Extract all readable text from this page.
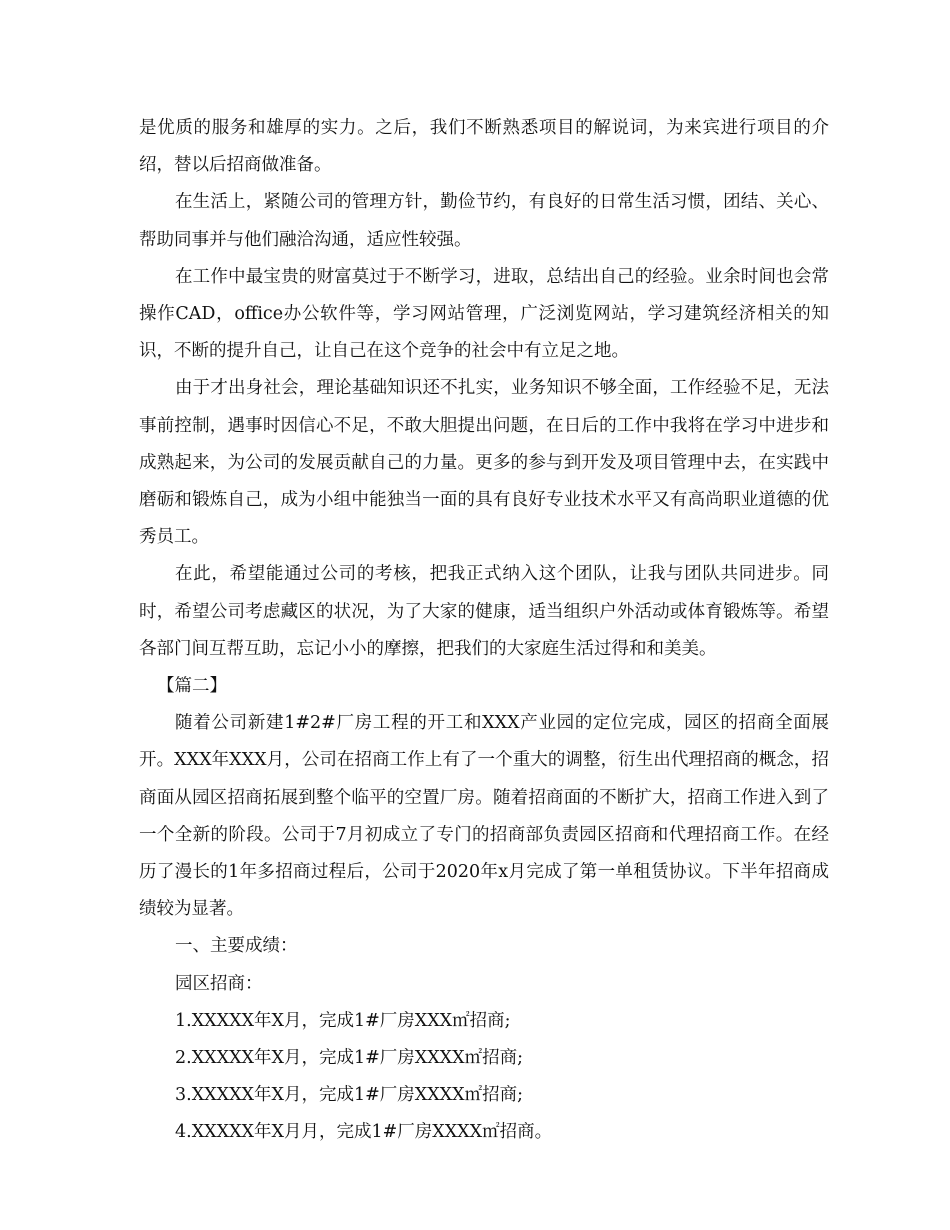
是优质的服务和雄厚的实力。之后，我们不断熟悉项目的解说词，为来宾进行项目的介绍，替以后招商做准备。

在生活上，紧随公司的管理方针，勤俭节约，有良好的日常生活习惯，团结、关心、帮助同事并与他们融洽沟通，适应性较强。

在工作中最宝贵的财富莫过于不断学习，进取，总结出自己的经验。业余时间也会常操作CAD，office办公软件等，学习网站管理，广泛浏览网站，学习建筑经济相关的知识，不断的提升自己，让自己在这个竞争的社会中有立足之地。

由于才出身社会，理论基础知识还不扎实，业务知识不够全面，工作经验不足，无法事前控制，遇事时因信心不足，不敢大胆提出问题，在日后的工作中我将在学习中进步和成熟起来，为公司的发展贡献自己的力量。更多的参与到开发及项目管理中去，在实践中磨砺和锻炼自己，成为小组中能独当一面的具有良好专业技术水平又有高尚职业道德的优秀员工。

在此，希望能通过公司的考核，把我正式纳入这个团队，让我与团队共同进步。同时，希望公司考虑藏区的状况，为了大家的健康，适当组织户外活动或体育锻炼等。希望各部门间互帮互助，忘记小小的摩擦，把我们的大家庭生活过得和和美美。

【篇二】

随着公司新建1#2#厂房工程的开工和XXX产业园的定位完成，园区的招商全面展开。XXX年XXX月，公司在招商工作上有了一个重大的调整，衍生出代理招商的概念，招商面从园区招商拓展到整个临平的空置厂房。随着招商面的不断扩大，招商工作进入到了一个全新的阶段。公司于7月初成立了专门的招商部负责园区招商和代理招商工作。在经历了漫长的1年多招商过程后，公司于2020年x月完成了第一单租赁协议。下半年招商成绩较为显著。

一、主要成绩：

园区招商：

1.XXXXX年X月，完成1#厂房XXX㎡招商;

2.XXXXX年X月，完成1#厂房XXXX㎡招商;

3.XXXXX年X月，完成1#厂房XXXX㎡招商;

4.XXXXX年X月月，完成1#厂房XXXX㎡招商。
